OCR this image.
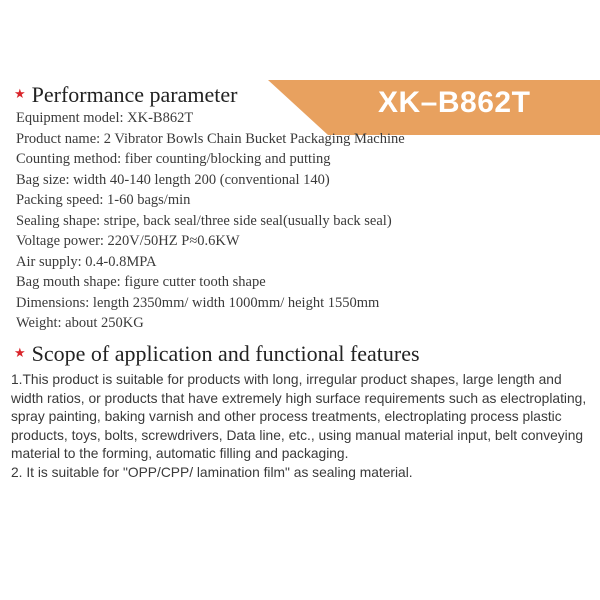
XK–B862T
★ Performance parameter
Equipment model: XK-B862T
Product name: 2 Vibrator Bowls Chain Bucket Packaging Machine
Counting method: fiber counting/blocking and putting
Bag size: width 40-140 length 200 (conventional 140)
Packing speed: 1-60 bags/min
Sealing shape: stripe, back seal/three side seal(usually back seal)
Voltage power: 220V/50HZ P≈0.6KW
Air supply: 0.4-0.8MPA
Bag mouth shape: figure cutter tooth shape
Dimensions: length 2350mm/ width 1000mm/ height 1550mm
Weight: about 250KG
★ Scope of application and functional features

1.This product is suitable for products with long, irregular product shapes, large length and width ratios, or products that have extremely high surface requirements such as electroplating, spray painting, baking varnish and other process treatments, electroplating process plastic products, toys, bolts, screwdrivers, Data line, etc., using manual material input, belt conveying material to the forming, automatic filling and packaging.

2. It is suitable for "OPP/CPP/ lamination film" as sealing material.
